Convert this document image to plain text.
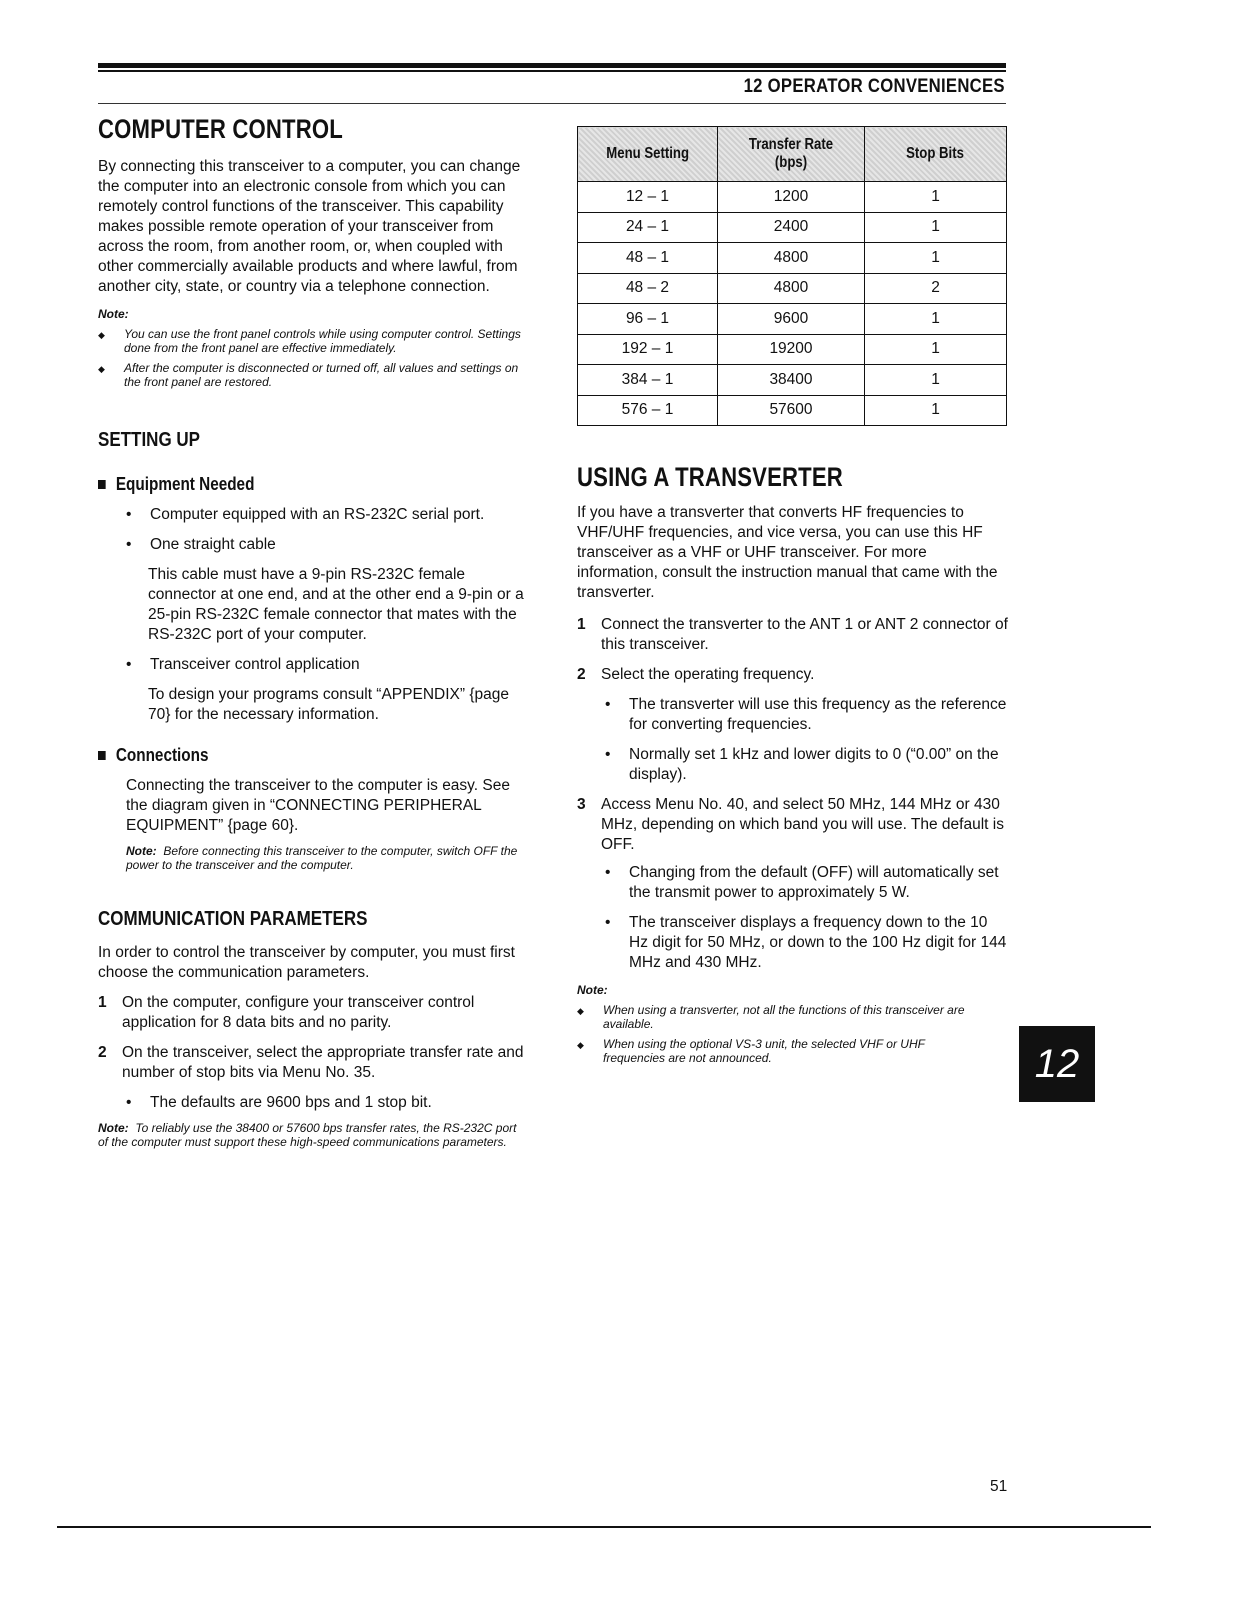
12 OPERATOR CONVENIENCES
COMPUTER CONTROL

By connecting this transceiver to a computer, you can change the computer into an electronic console from which you can remotely control functions of the transceiver. This capability makes possible remote operation of your transceiver from across the room, from another room, or, when coupled with other commercially available products and where lawful, from another city, state, or country via a telephone connection.

Note:

◆	You can use the front panel controls while using computer control. Settings done from the front panel are effective immediately.
◆	After the computer is disconnected or turned off, all values and settings on the front panel are restored.
SETTING UP
Equipment Needed
•	Computer equipped with an RS-232C serial port.
•	One straight cable

This cable must have a 9-pin RS-232C female connector at one end, and at the other end a 9-pin or a 25-pin RS-232C female connector that mates with the RS-232C port of your computer.

•	Transceiver control application

To design your programs consult “APPENDIX” {page 70} for the necessary information.

Connections

Connecting the transceiver to the computer is easy. See the diagram given in “CONNECTING PERIPHERAL EQUIPMENT” {page 60}.

Note: Before connecting this transceiver to the computer, switch OFF the power to the transceiver and the computer.

COMMUNICATION PARAMETERS

In order to control the transceiver by computer, you must first choose the communication parameters.

1 On the computer, configure your transceiver control application for 8 data bits and no parity.
2 On the transceiver, select the appropriate transfer rate and number of stop bits via Menu No. 35.
•	The defaults are 9600 bps and 1 stop bit.

Note: To reliably use the 38400 or 57600 bps transfer rates, the RS-232C port of the computer must support these high-speed communications parameters.

Menu Setting	Transfer Rate (bps)	Stop Bits
12 – 1	1200	1
24 – 1	2400	1
48 – 1	4800	1
48 – 2	4800	2
96 – 1	9600	1
192 – 1	19200	1
384 – 1	38400	1
576 – 1	57600	1
USING A TRANSVERTER

If you have a transverter that converts HF frequencies to VHF/UHF frequencies, and vice versa, you can use this HF transceiver as a VHF or UHF transceiver. For more information, consult the instruction manual that came with the transverter.

1 Connect the transverter to the ANT 1 or ANT 2 connector of this transceiver.
2 Select the operating frequency.
•	The transverter will use this frequency as the reference for converting frequencies.
•	Normally set 1 kHz and lower digits to 0 (“0.00” on the display).
3 Access Menu No. 40, and select 50 MHz, 144 MHz or 430 MHz, depending on which band you will use. The default is OFF.
•	Changing from the default (OFF) will automatically set the transmit power to approximately 5 W.
•	The transceiver displays a frequency down to the 10 Hz digit for 50 MHz, or down to the 100 Hz digit for 144 MHz and 430 MHz.

Note:

◆	When using a transverter, not all the functions of this transceiver are available.
◆	When using the optional VS-3 unit, the selected VHF or UHF frequencies are not announced.	12
51
